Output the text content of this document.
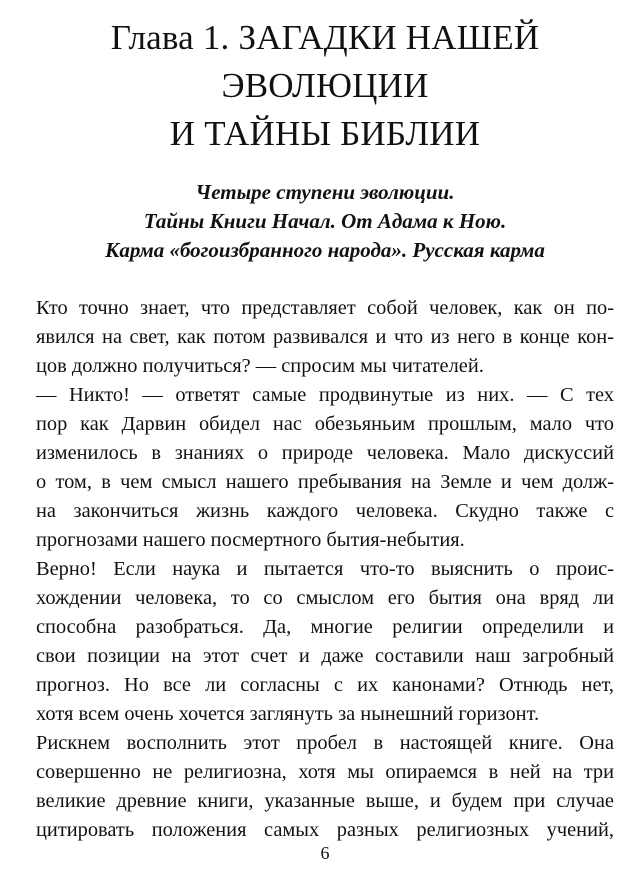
Глава 1. ЗАГАДКИ НАШЕЙ
ЭВОЛЮЦИИ
И ТАЙНЫ БИБЛИИ
Четыре ступени эволюции.
Тайны Книги Начал. От Адама к Ною.
Карма «богоизбранного народа». Русская карма

Кто точно знает, что представляет собой человек, как он по-
явился на свет, как потом развивался и что из него в конце кон-
цов должно получиться? — спросим мы читателей.

— Никто! — ответят самые продвинутые из них. — С тех
пор как Дарвин обидел нас обезьяньим прошлым, мало что
изменилось в знаниях о природе человека. Мало дискуссий
о том, в чем смысл нашего пребывания на Земле и чем долж-
на закончиться жизнь каждого человека. Скудно также с
прогнозами нашего посмертного бытия-небытия.

Верно! Если наука и пытается что-то выяснить о проис-
хождении человека, то со смыслом его бытия она вряд ли
способна разобраться. Да, многие религии определили и
свои позиции на этот счет и даже составили наш загробный
прогноз. Но все ли согласны с их канонами? Отнюдь нет,
хотя всем очень хочется заглянуть за нынешний горизонт.

Рискнем восполнить этот пробел в настоящей книге. Она
совершенно не религиозна, хотя мы опираемся в ней на три
великие древние книги, указанные выше, и будем при случае
цитировать положения самых разных религиозных учений,

6
